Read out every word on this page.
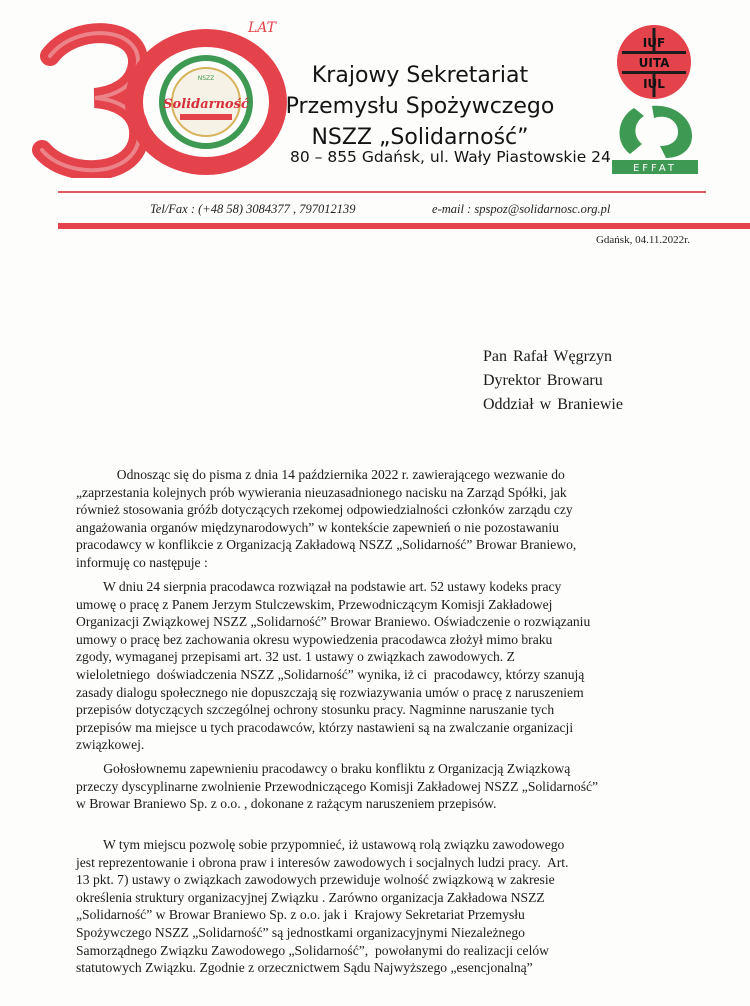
NSZZ
Solidarność
LAT
Krajowy Sekretariat
Przemysłu Spożywczego
NSZZ „Solidarność”
80 – 855 Gdańsk, ul. Wały Piastowskie 24
IUF
UITA
IUL
EFFAT
Tel/Fax : (+48 58) 3084377 , 797012139	e-mail : spspoz@solidarnosc.org.pl
Gdańsk, 04.11.2022r.
Pan Rafał Węgrzyn
Dyrektor Browaru
Oddział w Braniewie
Odnosząc się do pisma z dnia 14 października 2022 r. zawierającego wezwanie do
„zaprzestania kolejnych prób wywierania nieuzasadnionego nacisku na Zarząd Spółki, jak
również stosowania gróźb dotyczących rzekomej odpowiedzialności członków zarządu czy
angażowania organów międzynarodowych” w kontekście zapewnień o nie pozostawaniu
pracodawcy w konflikcie z Organizacją Zakładową NSZZ „Solidarność” Browar Braniewo,
informuję co następuje :
W dniu 24 sierpnia pracodawca rozwiązał na podstawie art. 52 ustawy kodeks pracy
umowę o pracę z Panem Jerzym Stulczewskim, Przewodniczącym Komisji Zakładowej
Organizacji Związkowej NSZZ „Solidarność” Browar Braniewo. Oświadczenie o rozwiązaniu
umowy o pracę bez zachowania okresu wypowiedzenia pracodawca złożył mimo braku
zgody, wymaganej przepisami art. 32 ust. 1 ustawy o związkach zawodowych. Z
wieloletniego  doświadczenia NSZZ „Solidarność” wynika, iż ci  pracodawcy, którzy szanują
zasady dialogu społecznego nie dopuszczają się rozwiazywania umów o pracę z naruszeniem
przepisów dotyczących szczególnej ochrony stosunku pracy. Nagminne naruszanie tych
przepisów ma miejsce u tych pracodawców, którzy nastawieni są na zwalczanie organizacji
związkowej.
Gołosłownemu zapewnieniu pracodawcy o braku konfliktu z Organizacją Związkową
przeczy dyscyplinarne zwolnienie Przewodniczącego Komisji Zakładowej NSZZ „Solidarność”
w Browar Braniewo Sp. z o.o. , dokonane z rażącym naruszeniem przepisów.
W tym miejscu pozwolę sobie przypomnieć, iż ustawową rolą związku zawodowego
jest reprezentowanie i obrona praw i interesów zawodowych i socjalnych ludzi pracy.  Art.
13 pkt. 7) ustawy o związkach zawodowych przewiduje wolność związkową w zakresie
określenia struktury organizacyjnej Związku . Zarówno organizacja Zakładowa NSZZ
„Solidarność” w Browar Braniewo Sp. z o.o. jak i  Krajowy Sekretariat Przemysłu
Spożywczego NSZZ „Solidarność” są jednostkami organizacyjnymi Niezależnego
Samorządnego Związku Zawodowego „Solidarność”,  powołanymi do realizacji celów
statutowych Związku. Zgodnie z orzecznictwem Sądu Najwyższego „esencjonalną”
